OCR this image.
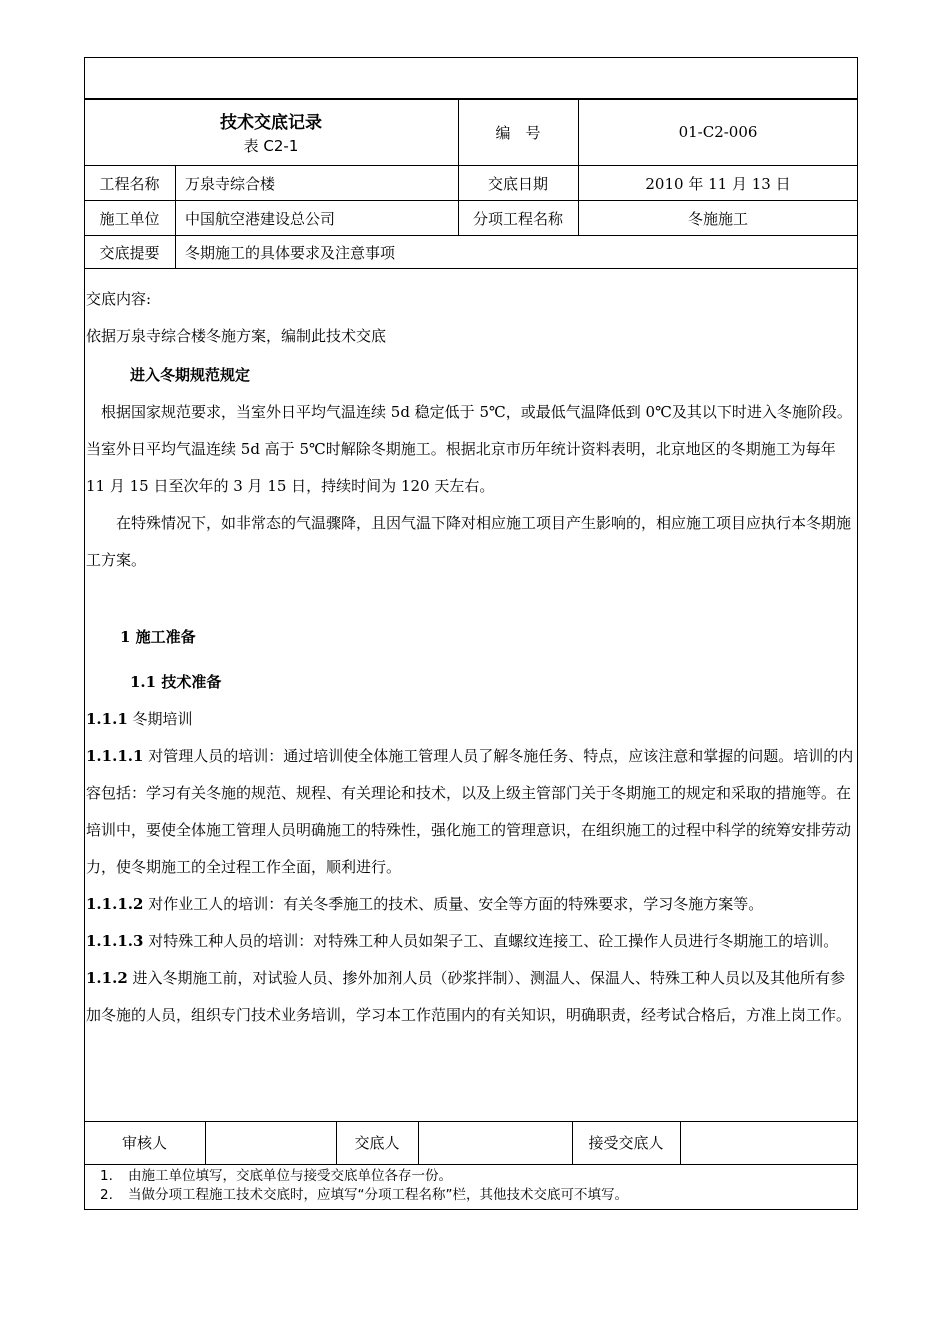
技术交底记录
表 C2-1
编　号	01-C2-006
工程名称	万泉寺综合楼	交底日期	2010 年 11 月 13 日
施工单位	中国航空港建设总公司	分项工程名称	冬施施工
交底提要	冬期施工的具体要求及注意事项

交底内容:

依据万泉寺综合楼冬施方案，编制此技术交底

进入冬期规范规定

根据国家规范要求，当室外日平均气温连续 5d 稳定低于 5℃，或最低气温降低到 0℃及其以下时进入冬施阶段。当室外日平均气温连续 5d 高于 5℃时解除冬期施工。根据北京市历年统计资料表明，北京地区的冬期施工为每年 11 月 15 日至次年的 3 月 15 日，持续时间为 120 天左右。

在特殊情况下，如非常态的气温骤降，且因气温下降对相应施工项目产生影响的，相应施工项目应执行本冬期施工方案。

1 施工准备

1.1 技术准备

1.1.1 冬期培训

1.1.1.1 对管理人员的培训：通过培训使全体施工管理人员了解冬施任务、特点，应该注意和掌握的问题。培训的内容包括：学习有关冬施的规范、规程、有关理论和技术，以及上级主管部门关于冬期施工的规定和采取的措施等。在培训中，要使全体施工管理人员明确施工的特殊性，强化施工的管理意识，在组织施工的过程中科学的统筹安排劳动力，使冬期施工的全过程工作全面，顺利进行。

1.1.1.2 对作业工人的培训：有关冬季施工的技术、质量、安全等方面的特殊要求，学习冬施方案等。

1.1.1.3 对特殊工种人员的培训：对特殊工种人员如架子工、直螺纹连接工、砼工操作人员进行冬期施工的培训。

1.1.2 进入冬期施工前，对试验人员、掺外加剂人员（砂浆拌制）、测温人、保温人、特殊工种人员以及其他所有参加冬施的人员，组织专门技术业务培训，学习本工作范围内的有关知识，明确职责，经考试合格后，方准上岗工作。

审核人	交底人	接受交底人
1. 由施工单位填写，交底单位与接受交底单位各存一份。
2. 当做分项工程施工技术交底时，应填写“分项工程名称”栏，其他技术交底可不填写。
